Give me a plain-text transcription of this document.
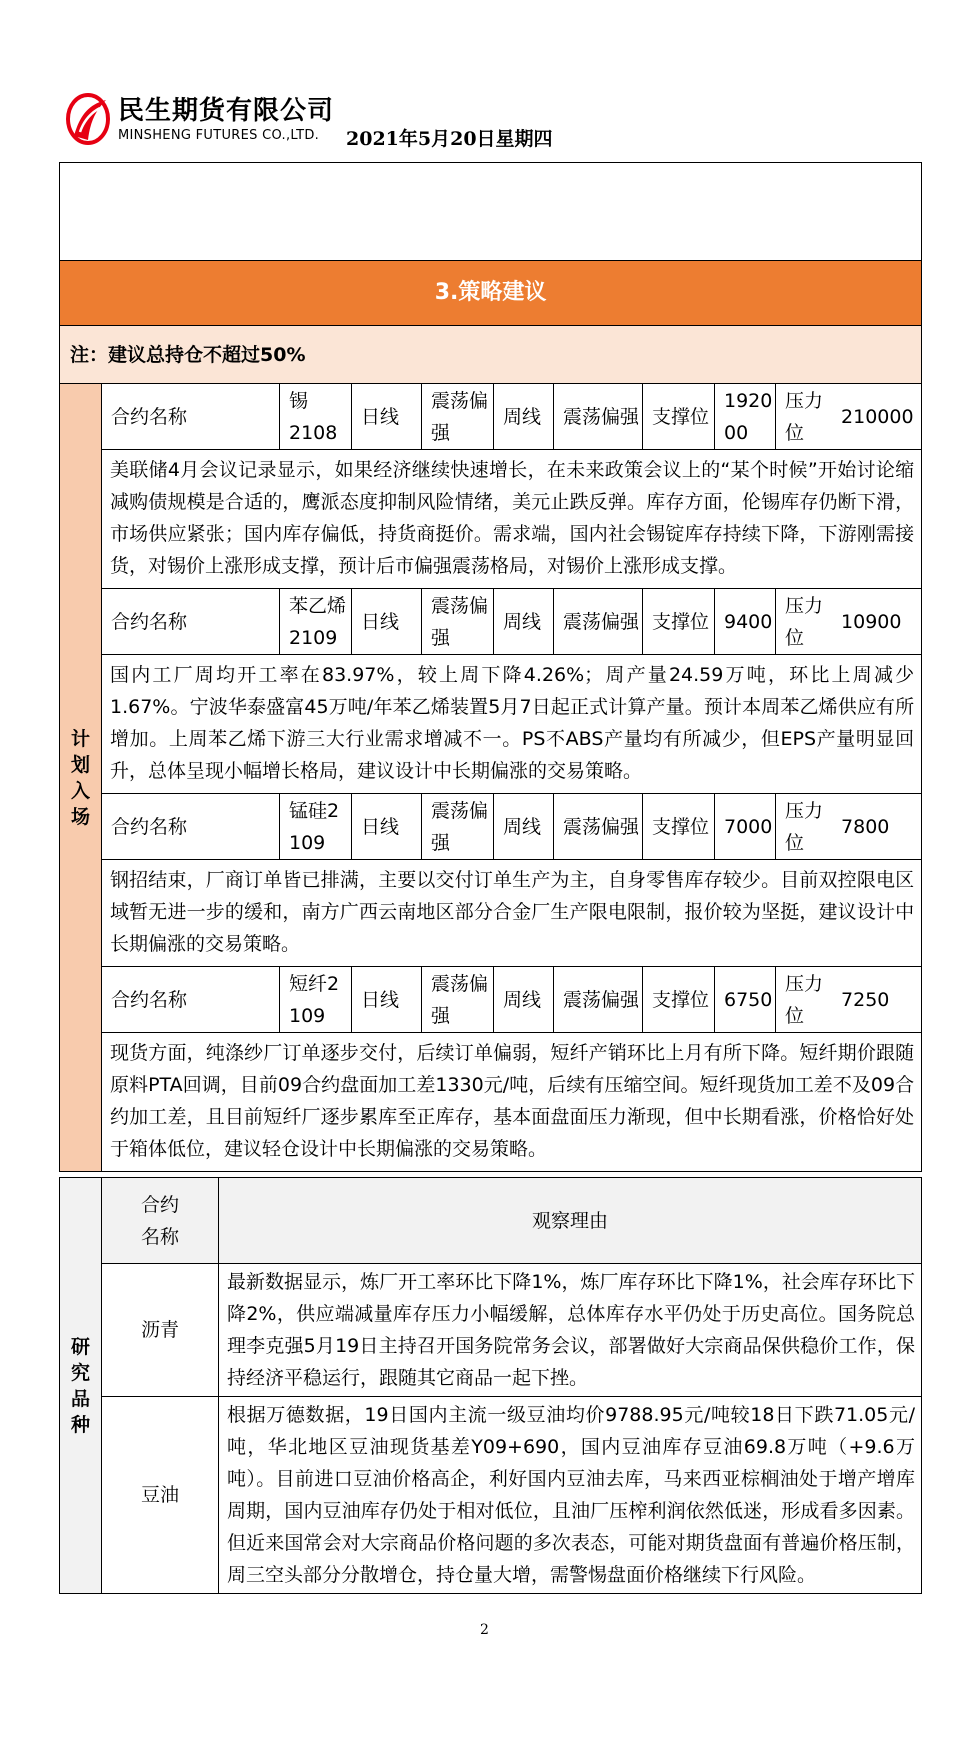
民生期货有限公司
MINSHENG FUTURES CO.,LTD. 2021年5月20日星期四

3.策略建议									
注：建议总持仓不超过50%									

计划入场	合约名称	锡2108	日线	震荡偏强	周线	震荡偏强	支撑位	192000	压力位 210000
	美联储4月会议记录显示，如果经济继续快速增长，在未来政策会议上的“某个时候”开始讨论缩减购债规模是合适的，鹰派态度抑制风险情绪，美元止跌反弹。库存方面，伦锡库存仍断下滑，市场供应紧张；国内库存偏低，持货商挺价。需求端，国内社会锡锭库存持续下降，下游刚需接货，对锡价上涨形成支撑，预计后市偏强震荡格局，对锡价上涨形成支撑。								
	合约名称	苯乙烯2109	日线	震荡偏强	周线	震荡偏强	支撑位	9400	压力位 10900
	国内工厂周均开工率在83.97%，较上周下降4.26%；周产量24.59万吨，环比上周减少1.67%。宁波华泰盛富45万吨/年苯乙烯装置5月7日起正式计算产量。预计本周苯乙烯供应有所增加。上周苯乙烯下游三大行业需求增减不一。PS不ABS产量均有所减少，但EPS产量明显回升，总体呈现小幅增长格局，建议设计中长期偏涨的交易策略。								
	合约名称	锰硅2109	日线	震荡偏强	周线	震荡偏强	支撑位	7000	压力位 7800
	钢招结束，厂商订单皆已排满，主要以交付订单生产为主，自身零售库存较少。目前双控限电区域暂无进一步的缓和，南方广西云南地区部分合金厂生产限电限制，报价较为坚挺，建议设计中长期偏涨的交易策略。								
	合约名称	短纤2109	日线	震荡偏强	周线	震荡偏强	支撑位	6750	压力位 7250
	现货方面，纯涤纱厂订单逐步交付，后续订单偏弱，短纤产销环比上月有所下降。短纤期价跟随原料PTA回调，目前09合约盘面加工差1330元/吨，后续有压缩空间。短纤现货加工差不及09合约加工差，且目前短纤厂逐步累库至正库存，基本面盘面压力渐现，但中长期看涨，价格恰好处于箱体低位，建议轻仓设计中长期偏涨的交易策略。								
研究品种	合约名称	观察理由
	沥青	最新数据显示，炼厂开工率环比下降1%，炼厂库存环比下降1%，社会库存环比下降2%，供应端减量库存压力小幅缓解，总体库存水平仍处于历史高位。国务院总理李克强5月19日主持召开国务院常务会议，部署做好大宗商品保供稳价工作，保持经济平稳运行，跟随其它商品一起下挫。
	豆油	根据万德数据，19日国内主流一级豆油均价9788.95元/吨较18日下跌71.05元/吨，华北地区豆油现货基差Y09+690，国内豆油库存豆油69.8万吨（+9.6万吨）。目前进口豆油价格高企，利好国内豆油去库，马来西亚棕榈油处于增产增库周期，国内豆油库存仍处于相对低位，且油厂压榨利润依然低迷，形成看多因素。但近来国常会对大宗商品价格问题的多次表态，可能对期货盘面有普遍价格压制，周三空头部分分散增仓，持仓量大增，需警惕盘面价格继续下行风险。
2
